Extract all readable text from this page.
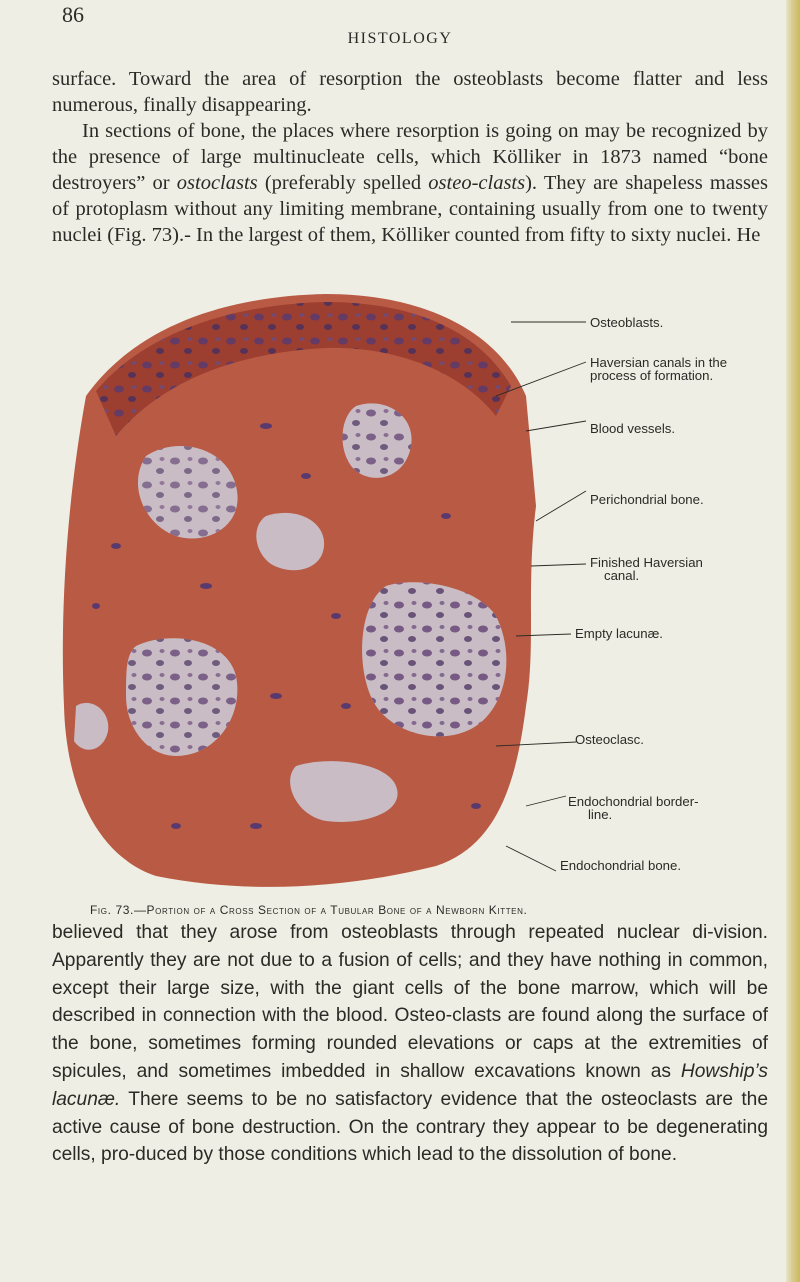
86
HISTOLOGY
surface. Toward the area of resorption the osteoblasts become flatter and less numerous, finally disappearing.
In sections of bone, the places where resorption is going on may be recognized by the presence of large multinucleate cells, which Kölliker in 1873 named “bone destroyers” or ostoclasts (preferably spelled osteo-clasts). They are shapeless masses of protoplasm without any limiting membrane, containing usually from one to twenty nuclei (Fig. 73).- In the largest of them, Kölliker counted from fifty to sixty nuclei. He
Osteoblasts.
Haversian canals in the
process of formation.
Blood vessels.
Perichondrial bone.
Finished Haversian
canal.
Empty lacunæ.
Osteoclasc.
Endochondrial border-
line.
Endochondrial bone.
Fig. 73.—Portion of a Cross Section of a Tubular Bone of a Newborn Kitten.
believed that they arose from osteoblasts through repeated nuclear di-vision. Apparently they are not due to a fusion of cells; and they have nothing in common, except their large size, with the giant cells of the bone marrow, which will be described in connection with the blood. Osteo-clasts are found along the surface of the bone, sometimes forming rounded elevations or caps at the extremities of spicules, and sometimes imbedded in shallow excavations known as Howship’s lacunæ. There seems to be no satisfactory evidence that the osteoclasts are the active cause of bone destruction. On the contrary they appear to be degenerating cells, pro-duced by those conditions which lead to the dissolution of bone.
